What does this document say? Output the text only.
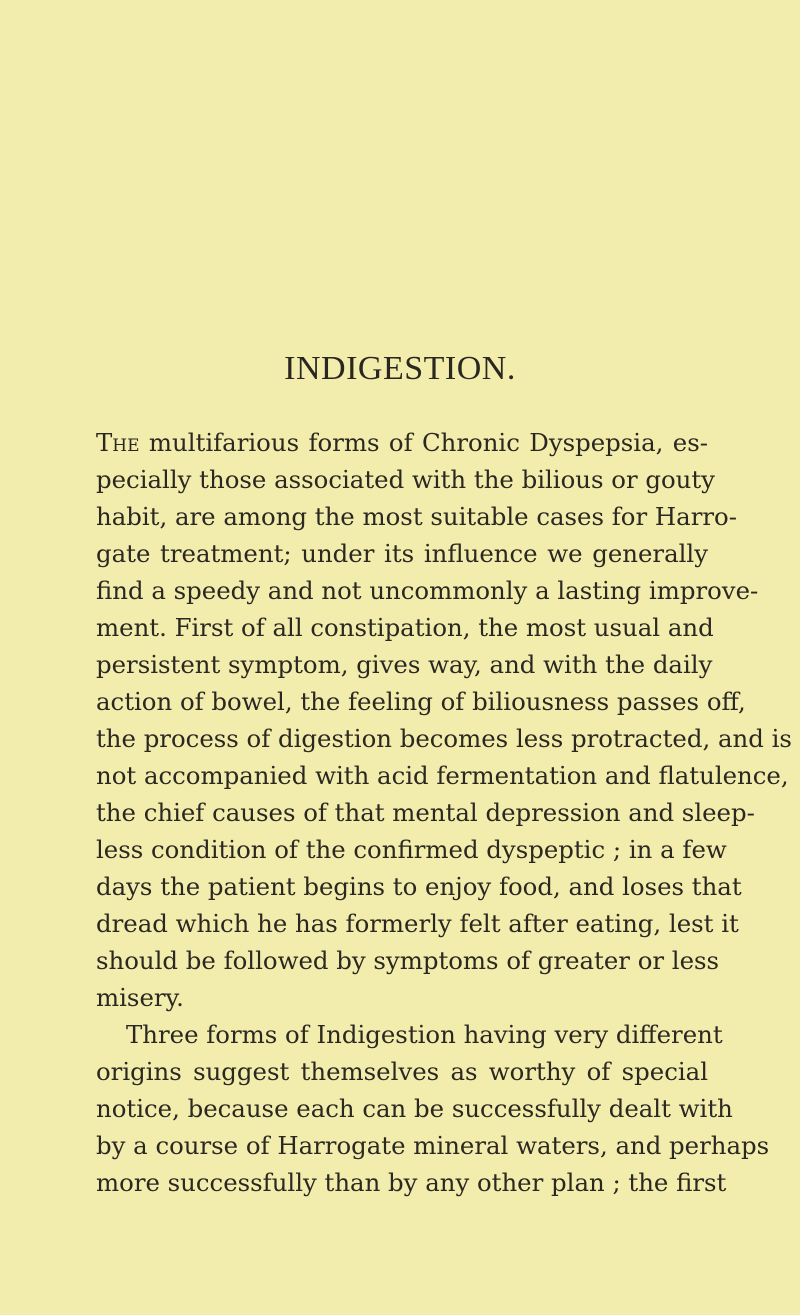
INDIGESTION.
The multifarious forms of Chronic Dyspepsia, es-
pecially those associated with the bilious or gouty
habit, are among the most suitable cases for Harro-
gate treatment; under its influence we generally
find a speedy and not uncommonly a lasting improve-
ment. First of all constipation, the most usual and
persistent symptom, gives way, and with the daily
action of bowel, the feeling of biliousness passes off,
the process of digestion becomes less protracted, and is
not accompanied with acid fermentation and flatulence,
the chief causes of that mental depression and sleep-
less condition of the confirmed dyspeptic ; in a few
days the patient begins to enjoy food, and loses that
dread which he has formerly felt after eating, lest it
should be followed by symptoms of greater or less
misery.
Three forms of Indigestion having very different
origins suggest themselves as worthy of special
notice, because each can be successfully dealt with
by a course of Harrogate mineral waters, and perhaps
more successfully than by any other plan ; the first
